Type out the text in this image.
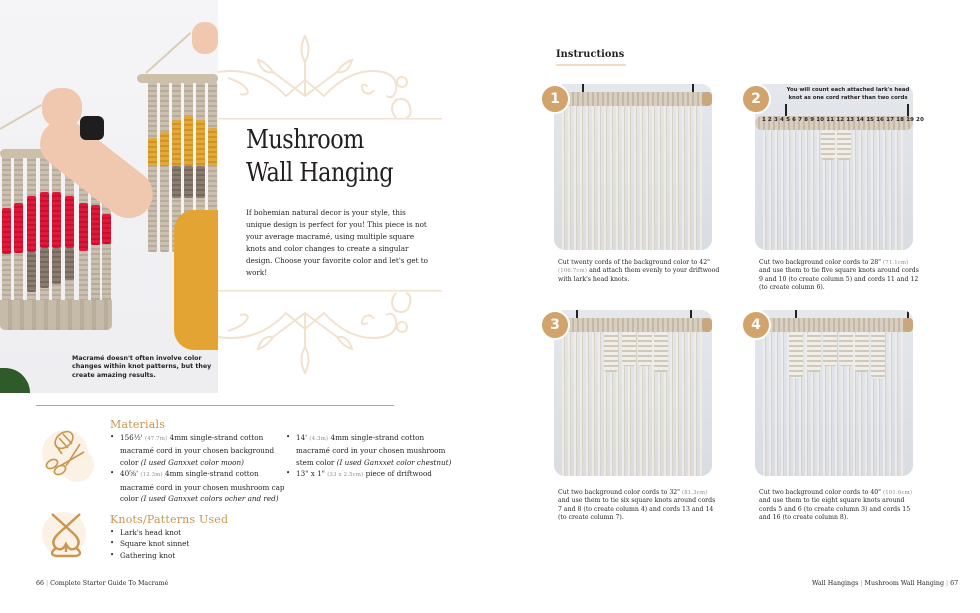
Macramé doesn't often involve color changes within knot patterns, but they create amazing results.
Mushroom
Wall Hanging

If bohemian natural decor is your style, this unique design is perfect for you! This piece is not your average macramé, using multiple square knots and color changes to create a singular design. Choose your favorite color and let's get to work!

Materials
• 156½' (47.7m) 4mm single-strand cotton macramé cord in your chosen background color (I used Ganxxet color moon)
• 40⅝' (12.3m) 4mm single-strand cotton macramé cord in your chosen mushroom cap color (I used Ganxxet colors ocher and red)
• 14' (4.3m) 4mm single-strand cotton macramé cord in your chosen mushroom stem color (I used Ganxxet color chestnut)
• 13" x 1" (33 x 2.5cm) piece of driftwood
Knots/Patterns Used
• Lark's head knot
• Square knot sinnet
• Gathering knot
66 | Complete Starter Guide To Macramé
Instructions
1

Cut twenty cords of the background color to 42" (106.7cm) and attach them evenly to your driftwood with lark's head knots.

You will count each attached lark's head knot as one cord rather than two cords
1 2 3 4 5 6 7 8 9 10 11 12 13 14 15 16 17 18 19 20
2

Cut two background color cords to 28" (71.1cm) and use them to tie five square knots around cords 9 and 10 (to create column 5) and cords 11 and 12 (to create column 6).

3

Cut two background color cords to 32" (81.3cm) and use them to tie six square knots around cords 7 and 8 (to create column 4) and cords 13 and 14 (to create column 7).

4

Cut two background color cords to 40" (101.6cm) and use them to tie eight square knots around cords 5 and 6 (to create column 3) and cords 15 and 16 (to create column 8).

Wall Hangings | Mushroom Wall Hanging | 67
